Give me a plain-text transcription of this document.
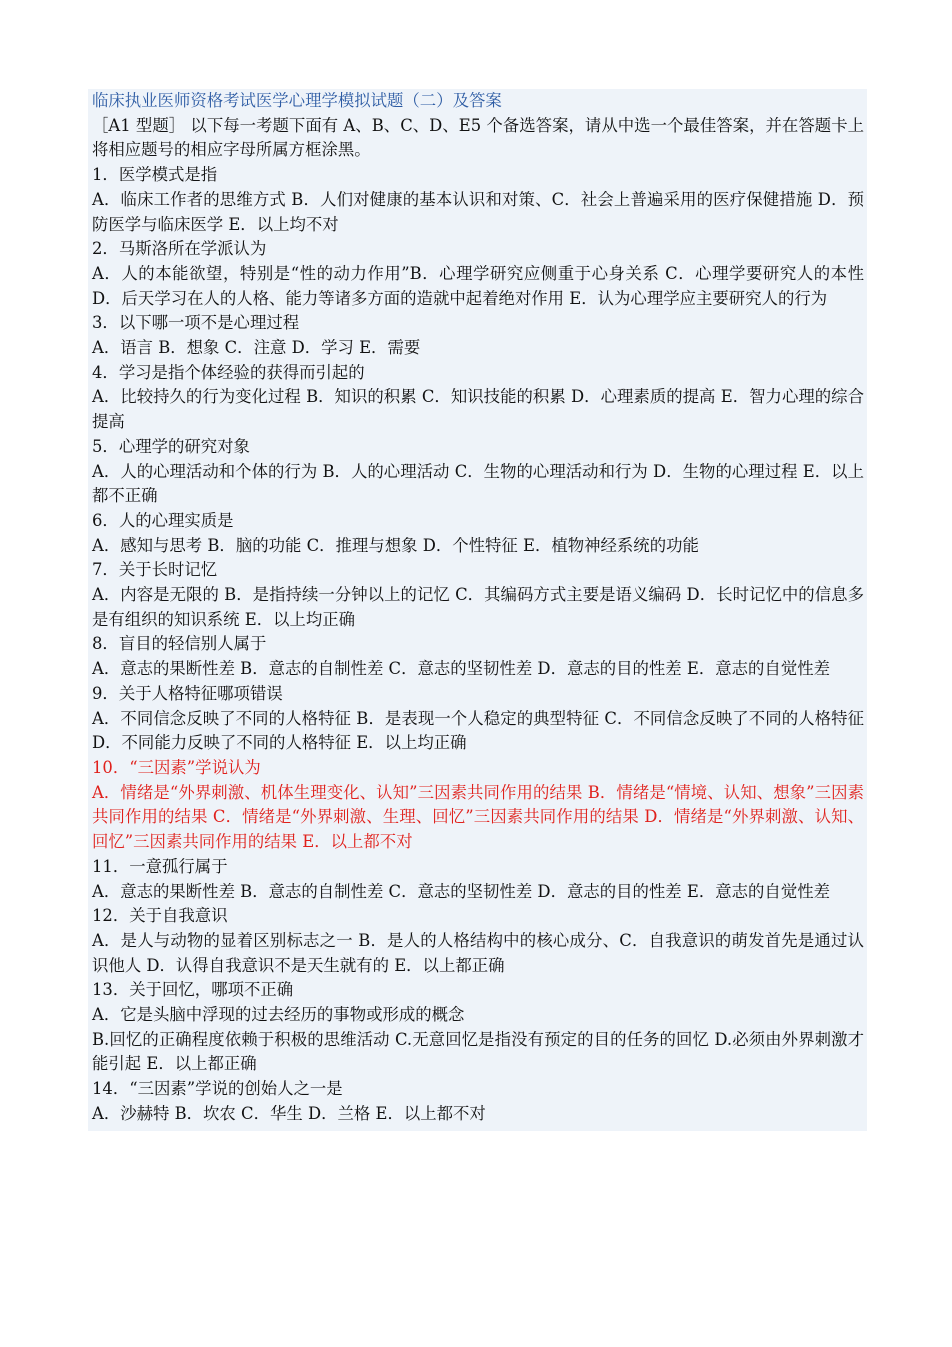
临床执业医师资格考试医学心理学模拟试题（二）及答案

［A1 型题］ 以下每一考题下面有 A、B、C、D、E5 个备选答案，请从中选一个最佳答案，并在答题卡上将相应题号的相应字母所属方框涂黑。

1．医学模式是指

A．临床工作者的思维方式 B．人们对健康的基本认识和对策、C．社会上普遍采用的医疗保健措施 D．预防医学与临床医学 E．以上均不对

2．马斯洛所在学派认为

A．人的本能欲望，特别是“性的动力作用”B．心理学研究应侧重于心身关系 C．心理学要研究人的本性 D．后天学习在人的人格、能力等诸多方面的造就中起着绝对作用 E．认为心理学应主要研究人的行为

3．以下哪一项不是心理过程

A．语言 B．想象 C．注意 D．学习 E．需要

4．学习是指个体经验的获得而引起的

A．比较持久的行为变化过程 B．知识的积累 C．知识技能的积累 D．心理素质的提高 E．智力心理的综合提高

5．心理学的研究对象

A．人的心理活动和个体的行为 B．人的心理活动 C．生物的心理活动和行为 D．生物的心理过程 E．以上都不正确

6．人的心理实质是

A．感知与思考 B．脑的功能 C．推理与想象 D．个性特征 E．植物神经系统的功能

7．关于长时记忆

A．内容是无限的 B．是指持续一分钟以上的记忆 C．其编码方式主要是语义编码 D．长时记忆中的信息多是有组织的知识系统 E．以上均正确

8．盲目的轻信别人属于

A．意志的果断性差 B．意志的自制性差 C．意志的坚韧性差 D．意志的目的性差 E．意志的自觉性差

9．关于人格特征哪项错误

A．不同信念反映了不同的人格特征 B．是表现一个人稳定的典型特征 C．不同信念反映了不同的人格特征 D．不同能力反映了不同的人格特征 E．以上均正确

10．“三因素”学说认为

A．情绪是“外界刺激、机体生理变化、认知”三因素共同作用的结果 B．情绪是“情境、认知、想象”三因素共同作用的结果 C．情绪是“外界刺激、生理、回忆”三因素共同作用的结果 D．情绪是“外界刺激、认知、回忆”三因素共同作用的结果 E．以上都不对

11．一意孤行属于

A．意志的果断性差 B．意志的自制性差 C．意志的坚韧性差 D．意志的目的性差 E．意志的自觉性差

12．关于自我意识

A．是人与动物的显着区别标志之一 B．是人的人格结构中的核心成分、C．自我意识的萌发首先是通过认识他人 D．认得自我意识不是天生就有的 E．以上都正确

13．关于回忆，哪项不正确

A．它是头脑中浮现的过去经历的事物或形成的概念

B.回忆的正确程度依赖于积极的思维活动 C.无意回忆是指没有预定的目的任务的回忆 D.必须由外界刺激才能引起 E．以上都正确

14．“三因素”学说的创始人之一是

A．沙赫特 B．坎农 C．华生 D．兰格 E．以上都不对
